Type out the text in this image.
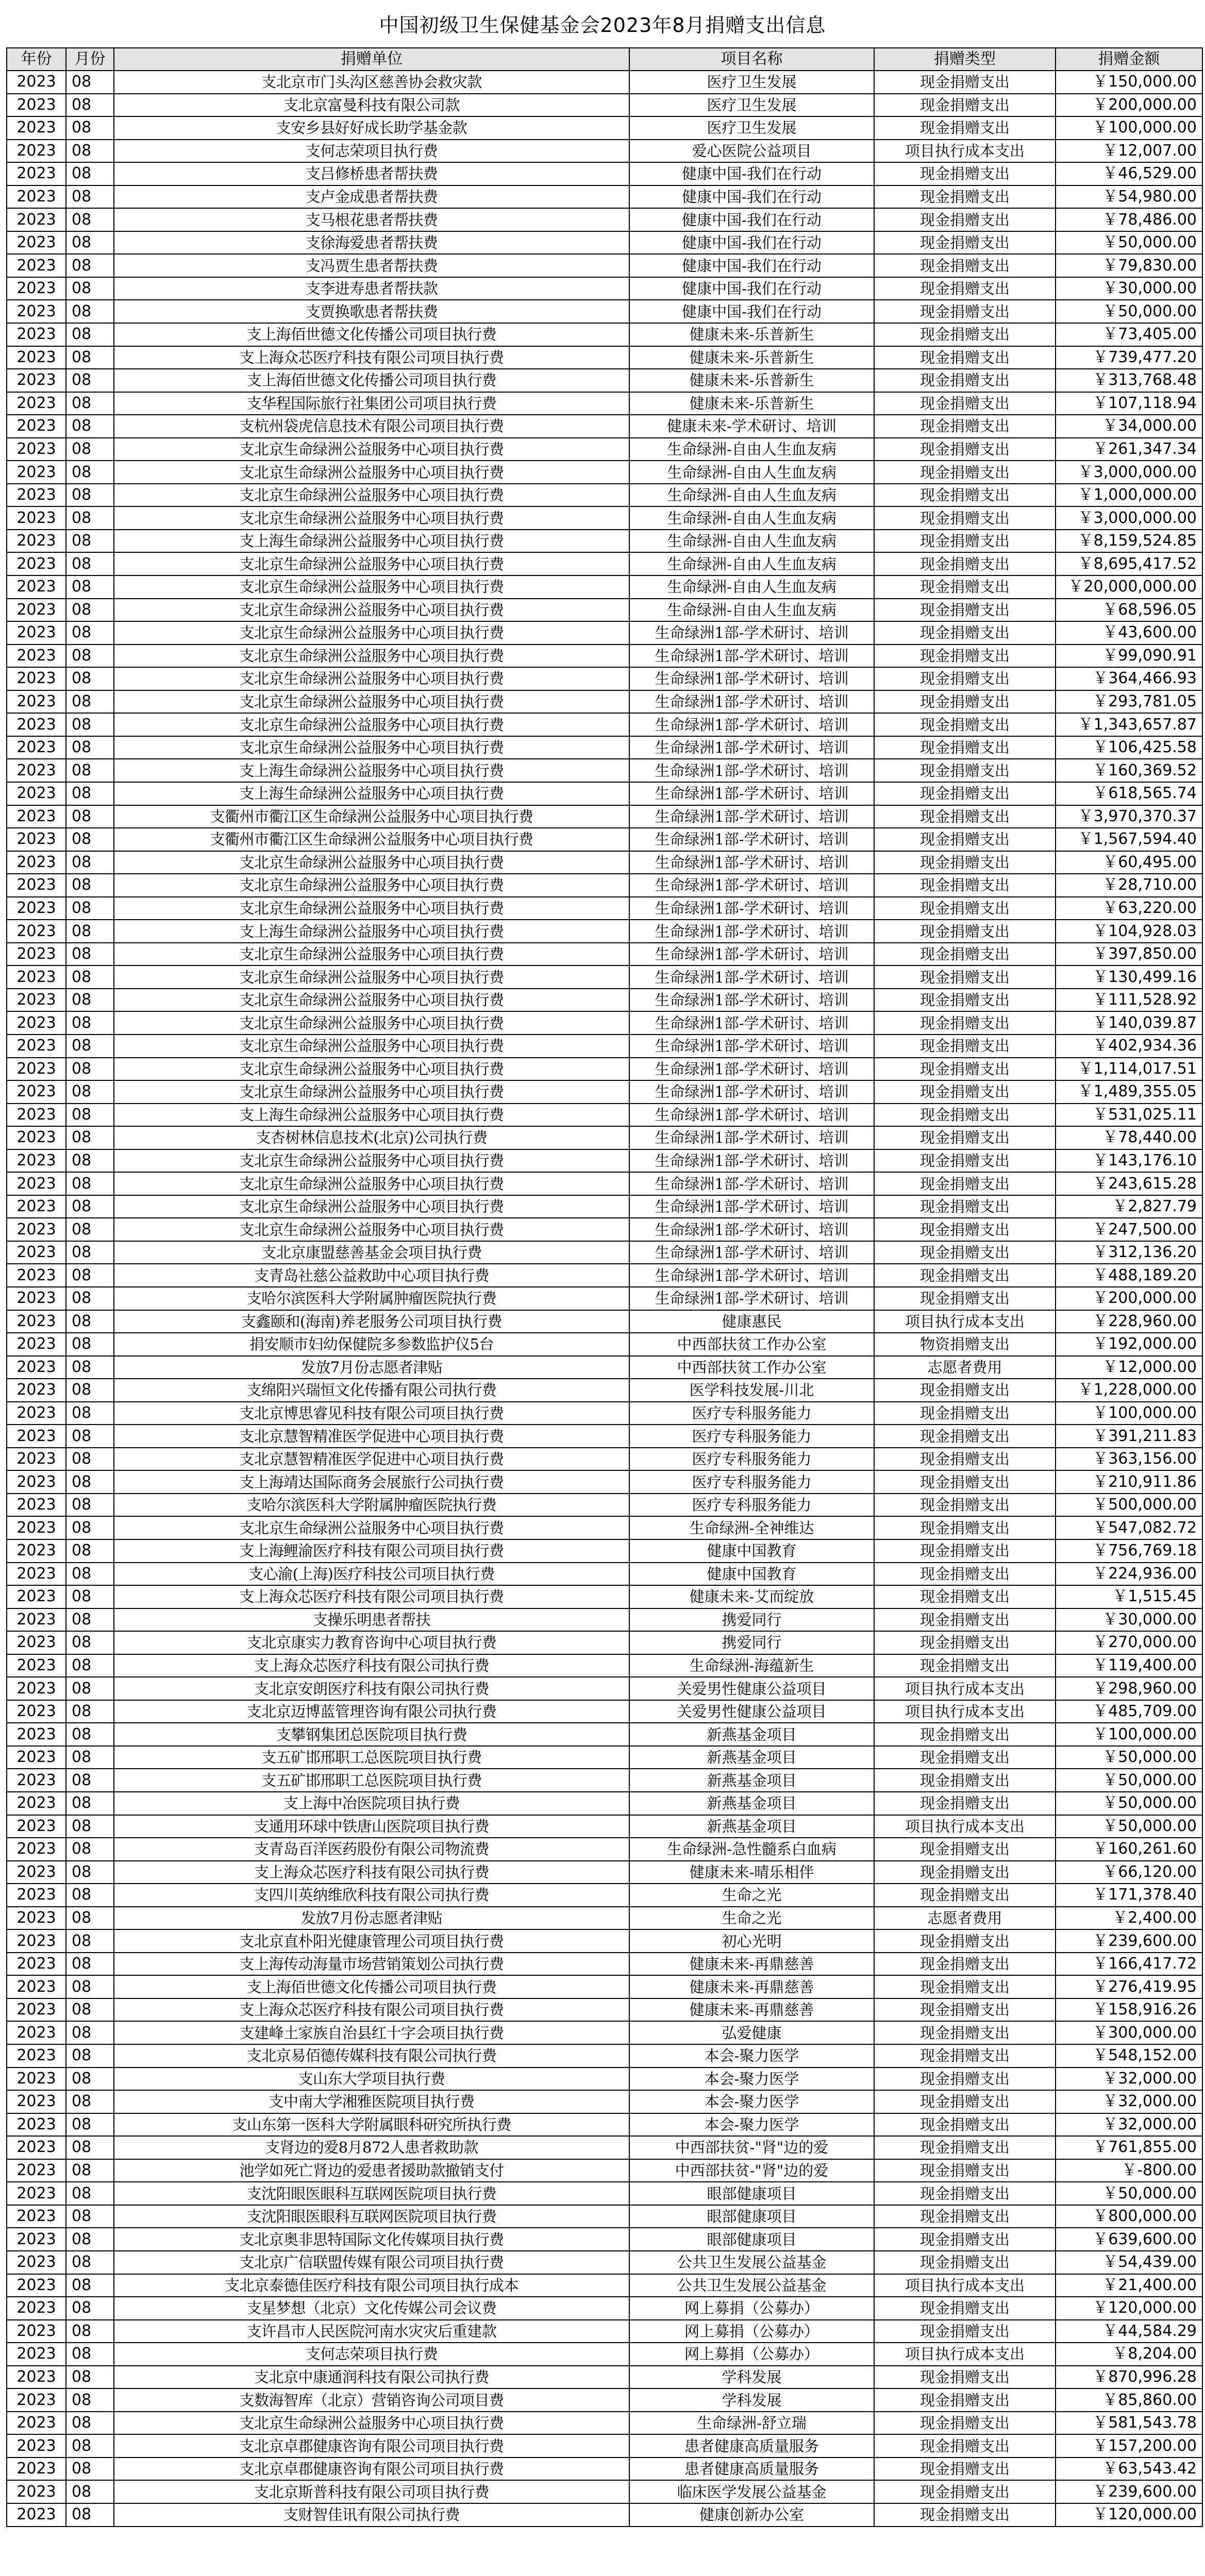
中国初级卫生保健基金会2023年8月捐赠支出信息
年份	月份	捐赠单位	项目名称	捐赠类型	捐赠金额
2023	08	支北京市门头沟区慈善协会救灾款	医疗卫生发展	现金捐赠支出	￥150,000.00
2023	08	支北京富曼科技有限公司款	医疗卫生发展	现金捐赠支出	￥200,000.00
2023	08	支安乡县好好成长助学基金款	医疗卫生发展	现金捐赠支出	￥100,000.00
2023	08	支何志荣项目执行费	爱心医院公益项目	项目执行成本支出	￥12,007.00
2023	08	支吕修桥患者帮扶费	健康中国-我们在行动	现金捐赠支出	￥46,529.00
2023	08	支卢金成患者帮扶费	健康中国-我们在行动	现金捐赠支出	￥54,980.00
2023	08	支马根花患者帮扶费	健康中国-我们在行动	现金捐赠支出	￥78,486.00
2023	08	支徐海爱患者帮扶费	健康中国-我们在行动	现金捐赠支出	￥50,000.00
2023	08	支冯贾生患者帮扶费	健康中国-我们在行动	现金捐赠支出	￥79,830.00
2023	08	支李进寿患者帮扶款	健康中国-我们在行动	现金捐赠支出	￥30,000.00
2023	08	支贾换歌患者帮扶费	健康中国-我们在行动	现金捐赠支出	￥50,000.00
2023	08	支上海佰世德文化传播公司项目执行费	健康未来-乐普新生	现金捐赠支出	￥73,405.00
2023	08	支上海众芯医疗科技有限公司项目执行费	健康未来-乐普新生	现金捐赠支出	￥739,477.20
2023	08	支上海佰世德文化传播公司项目执行费	健康未来-乐普新生	现金捐赠支出	￥313,768.48
2023	08	支华程国际旅行社集团公司项目执行费	健康未来-乐普新生	现金捐赠支出	￥107,118.94
2023	08	支杭州袋虎信息技术有限公司项目执行费	健康未来-学术研讨、培训	现金捐赠支出	￥34,000.00
2023	08	支北京生命绿洲公益服务中心项目执行费	生命绿洲-自由人生血友病	现金捐赠支出	￥261,347.34
2023	08	支北京生命绿洲公益服务中心项目执行费	生命绿洲-自由人生血友病	现金捐赠支出	￥3,000,000.00
2023	08	支北京生命绿洲公益服务中心项目执行费	生命绿洲-自由人生血友病	现金捐赠支出	￥1,000,000.00
2023	08	支北京生命绿洲公益服务中心项目执行费	生命绿洲-自由人生血友病	现金捐赠支出	￥3,000,000.00
2023	08	支上海生命绿洲公益服务中心项目执行费	生命绿洲-自由人生血友病	现金捐赠支出	￥8,159,524.85
2023	08	支北京生命绿洲公益服务中心项目执行费	生命绿洲-自由人生血友病	现金捐赠支出	￥8,695,417.52
2023	08	支北京生命绿洲公益服务中心项目执行费	生命绿洲-自由人生血友病	现金捐赠支出	￥20,000,000.00
2023	08	支北京生命绿洲公益服务中心项目执行费	生命绿洲-自由人生血友病	现金捐赠支出	￥68,596.05
2023	08	支北京生命绿洲公益服务中心项目执行费	生命绿洲1部-学术研讨、培训	现金捐赠支出	￥43,600.00
2023	08	支北京生命绿洲公益服务中心项目执行费	生命绿洲1部-学术研讨、培训	现金捐赠支出	￥99,090.91
2023	08	支北京生命绿洲公益服务中心项目执行费	生命绿洲1部-学术研讨、培训	现金捐赠支出	￥364,466.93
2023	08	支北京生命绿洲公益服务中心项目执行费	生命绿洲1部-学术研讨、培训	现金捐赠支出	￥293,781.05
2023	08	支北京生命绿洲公益服务中心项目执行费	生命绿洲1部-学术研讨、培训	现金捐赠支出	￥1,343,657.87
2023	08	支北京生命绿洲公益服务中心项目执行费	生命绿洲1部-学术研讨、培训	现金捐赠支出	￥106,425.58
2023	08	支上海生命绿洲公益服务中心项目执行费	生命绿洲1部-学术研讨、培训	现金捐赠支出	￥160,369.52
2023	08	支上海生命绿洲公益服务中心项目执行费	生命绿洲1部-学术研讨、培训	现金捐赠支出	￥618,565.74
2023	08	支衢州市衢江区生命绿洲公益服务中心项目执行费	生命绿洲1部-学术研讨、培训	现金捐赠支出	￥3,970,370.37
2023	08	支衢州市衢江区生命绿洲公益服务中心项目执行费	生命绿洲1部-学术研讨、培训	现金捐赠支出	￥1,567,594.40
2023	08	支北京生命绿洲公益服务中心项目执行费	生命绿洲1部-学术研讨、培训	现金捐赠支出	￥60,495.00
2023	08	支北京生命绿洲公益服务中心项目执行费	生命绿洲1部-学术研讨、培训	现金捐赠支出	￥28,710.00
2023	08	支北京生命绿洲公益服务中心项目执行费	生命绿洲1部-学术研讨、培训	现金捐赠支出	￥63,220.00
2023	08	支上海生命绿洲公益服务中心项目执行费	生命绿洲1部-学术研讨、培训	现金捐赠支出	￥104,928.03
2023	08	支北京生命绿洲公益服务中心项目执行费	生命绿洲1部-学术研讨、培训	现金捐赠支出	￥397,850.00
2023	08	支北京生命绿洲公益服务中心项目执行费	生命绿洲1部-学术研讨、培训	现金捐赠支出	￥130,499.16
2023	08	支北京生命绿洲公益服务中心项目执行费	生命绿洲1部-学术研讨、培训	现金捐赠支出	￥111,528.92
2023	08	支北京生命绿洲公益服务中心项目执行费	生命绿洲1部-学术研讨、培训	现金捐赠支出	￥140,039.87
2023	08	支北京生命绿洲公益服务中心项目执行费	生命绿洲1部-学术研讨、培训	现金捐赠支出	￥402,934.36
2023	08	支北京生命绿洲公益服务中心项目执行费	生命绿洲1部-学术研讨、培训	现金捐赠支出	￥1,114,017.51
2023	08	支北京生命绿洲公益服务中心项目执行费	生命绿洲1部-学术研讨、培训	现金捐赠支出	￥1,489,355.05
2023	08	支上海生命绿洲公益服务中心项目执行费	生命绿洲1部-学术研讨、培训	现金捐赠支出	￥531,025.11
2023	08	支杏树林信息技术(北京)公司执行费	生命绿洲1部-学术研讨、培训	现金捐赠支出	￥78,440.00
2023	08	支北京生命绿洲公益服务中心项目执行费	生命绿洲1部-学术研讨、培训	现金捐赠支出	￥143,176.10
2023	08	支北京生命绿洲公益服务中心项目执行费	生命绿洲1部-学术研讨、培训	现金捐赠支出	￥243,615.28
2023	08	支北京生命绿洲公益服务中心项目执行费	生命绿洲1部-学术研讨、培训	现金捐赠支出	￥2,827.79
2023	08	支北京生命绿洲公益服务中心项目执行费	生命绿洲1部-学术研讨、培训	现金捐赠支出	￥247,500.00
2023	08	支北京康盟慈善基金会项目执行费	生命绿洲1部-学术研讨、培训	现金捐赠支出	￥312,136.20
2023	08	支青岛社慈公益救助中心项目执行费	生命绿洲1部-学术研讨、培训	现金捐赠支出	￥488,189.20
2023	08	支哈尔滨医科大学附属肿瘤医院执行费	生命绿洲1部-学术研讨、培训	现金捐赠支出	￥200,000.00
2023	08	支鑫颐和(海南)养老服务公司项目执行费	健康惠民	项目执行成本支出	￥228,960.00
2023	08	捐安顺市妇幼保健院多参数监护仪5台	中西部扶贫工作办公室	物资捐赠支出	￥192,000.00
2023	08	发放7月份志愿者津贴	中西部扶贫工作办公室	志愿者费用	￥12,000.00
2023	08	支绵阳兴瑞恒文化传播有限公司执行费	医学科技发展-川北	现金捐赠支出	￥1,228,000.00
2023	08	支北京博思睿见科技有限公司项目执行费	医疗专科服务能力	现金捐赠支出	￥100,000.00
2023	08	支北京慧智精准医学促进中心项目执行费	医疗专科服务能力	现金捐赠支出	￥391,211.83
2023	08	支北京慧智精准医学促进中心项目执行费	医疗专科服务能力	现金捐赠支出	￥363,156.00
2023	08	支上海靖达国际商务会展旅行公司执行费	医疗专科服务能力	现金捐赠支出	￥210,911.86
2023	08	支哈尔滨医科大学附属肿瘤医院执行费	医疗专科服务能力	现金捐赠支出	￥500,000.00
2023	08	支北京生命绿洲公益服务中心项目执行费	生命绿洲-全神维达	现金捐赠支出	￥547,082.72
2023	08	支上海鲤渝医疗科技有限公司项目执行费	健康中国教育	现金捐赠支出	￥756,769.18
2023	08	支心渝(上海)医疗科技公司项目执行费	健康中国教育	现金捐赠支出	￥224,936.00
2023	08	支上海众芯医疗科技有限公司项目执行费	健康未来-艾而绽放	现金捐赠支出	￥1,515.45
2023	08	支操乐明患者帮扶	携爱同行	现金捐赠支出	￥30,000.00
2023	08	支北京康实力教育咨询中心项目执行费	携爱同行	现金捐赠支出	￥270,000.00
2023	08	支上海众芯医疗科技有限公司执行费	生命绿洲-海蕴新生	现金捐赠支出	￥119,400.00
2023	08	支北京安朗医疗科技有限公司执行费	关爱男性健康公益项目	项目执行成本支出	￥298,960.00
2023	08	支北京迈博蓝管理咨询有限公司执行费	关爱男性健康公益项目	项目执行成本支出	￥485,709.00
2023	08	支攀钢集团总医院项目执行费	新燕基金项目	现金捐赠支出	￥100,000.00
2023	08	支五矿邯邢职工总医院项目执行费	新燕基金项目	现金捐赠支出	￥50,000.00
2023	08	支五矿邯邢职工总医院项目执行费	新燕基金项目	现金捐赠支出	￥50,000.00
2023	08	支上海中冶医院项目执行费	新燕基金项目	现金捐赠支出	￥50,000.00
2023	08	支通用环球中铁唐山医院项目执行费	新燕基金项目	项目执行成本支出	￥50,000.00
2023	08	支青岛百洋医药股份有限公司物流费	生命绿洲-急性髓系白血病	现金捐赠支出	￥160,261.60
2023	08	支上海众芯医疗科技有限公司执行费	健康未来-晴乐相伴	现金捐赠支出	￥66,120.00
2023	08	支四川英纳维欣科技有限公司执行费	生命之光	现金捐赠支出	￥171,378.40
2023	08	发放7月份志愿者津贴	生命之光	志愿者费用	￥2,400.00
2023	08	支北京直朴阳光健康管理公司项目执行费	初心光明	现金捐赠支出	￥239,600.00
2023	08	支上海传动海量市场营销策划公司执行费	健康未来-再鼎慈善	现金捐赠支出	￥166,417.72
2023	08	支上海佰世德文化传播公司项目执行费	健康未来-再鼎慈善	现金捐赠支出	￥276,419.95
2023	08	支上海众芯医疗科技有限公司项目执行费	健康未来-再鼎慈善	现金捐赠支出	￥158,916.26
2023	08	支建峰土家族自治县红十字会项目执行费	弘爱健康	现金捐赠支出	￥300,000.00
2023	08	支北京易佰德传媒科技有限公司执行费	本会-聚力医学	现金捐赠支出	￥548,152.00
2023	08	支山东大学项目执行费	本会-聚力医学	现金捐赠支出	￥32,000.00
2023	08	支中南大学湘雅医院项目执行费	本会-聚力医学	现金捐赠支出	￥32,000.00
2023	08	支山东第一医科大学附属眼科研究所执行费	本会-聚力医学	现金捐赠支出	￥32,000.00
2023	08	支肾边的爱8月872人患者救助款	中西部扶贫-"肾"边的爱	现金捐赠支出	￥761,855.00
2023	08	池学如死亡肾边的爱患者援助款撤销支付	中西部扶贫-"肾"边的爱	现金捐赠支出	￥-800.00
2023	08	支沈阳眼医眼科互联网医院项目执行费	眼部健康项目	现金捐赠支出	￥50,000.00
2023	08	支沈阳眼医眼科互联网医院项目执行费	眼部健康项目	现金捐赠支出	￥800,000.00
2023	08	支北京奥非思特国际文化传媒项目执行费	眼部健康项目	现金捐赠支出	￥639,600.00
2023	08	支北京广信联盟传媒有限公司项目执行费	公共卫生发展公益基金	现金捐赠支出	￥54,439.00
2023	08	支北京泰德佳医疗科技有限公司项目执行成本	公共卫生发展公益基金	项目执行成本支出	￥21,400.00
2023	08	支星梦想（北京）文化传媒公司会议费	网上募捐（公募办）	现金捐赠支出	￥120,000.00
2023	08	支许昌市人民医院河南水灾灾后重建款	网上募捐（公募办）	现金捐赠支出	￥44,584.29
2023	08	支何志荣项目执行费	网上募捐（公募办）	项目执行成本支出	￥8,204.00
2023	08	支北京中康通润科技有限公司执行费	学科发展	现金捐赠支出	￥870,996.28
2023	08	支数海智库（北京）营销咨询公司项目费	学科发展	现金捐赠支出	￥85,860.00
2023	08	支北京生命绿洲公益服务中心项目执行费	生命绿洲-舒立瑞	现金捐赠支出	￥581,543.78
2023	08	支北京卓郡健康咨询有限公司项目执行费	患者健康高质量服务	现金捐赠支出	￥157,200.00
2023	08	支北京卓郡健康咨询有限公司项目执行费	患者健康高质量服务	现金捐赠支出	￥63,543.42
2023	08	支北京斯普科技有限公司项目执行费	临床医学发展公益基金	现金捐赠支出	￥239,600.00
2023	08	支财智佳讯有限公司执行费	健康创新办公室	现金捐赠支出	￥120,000.00
